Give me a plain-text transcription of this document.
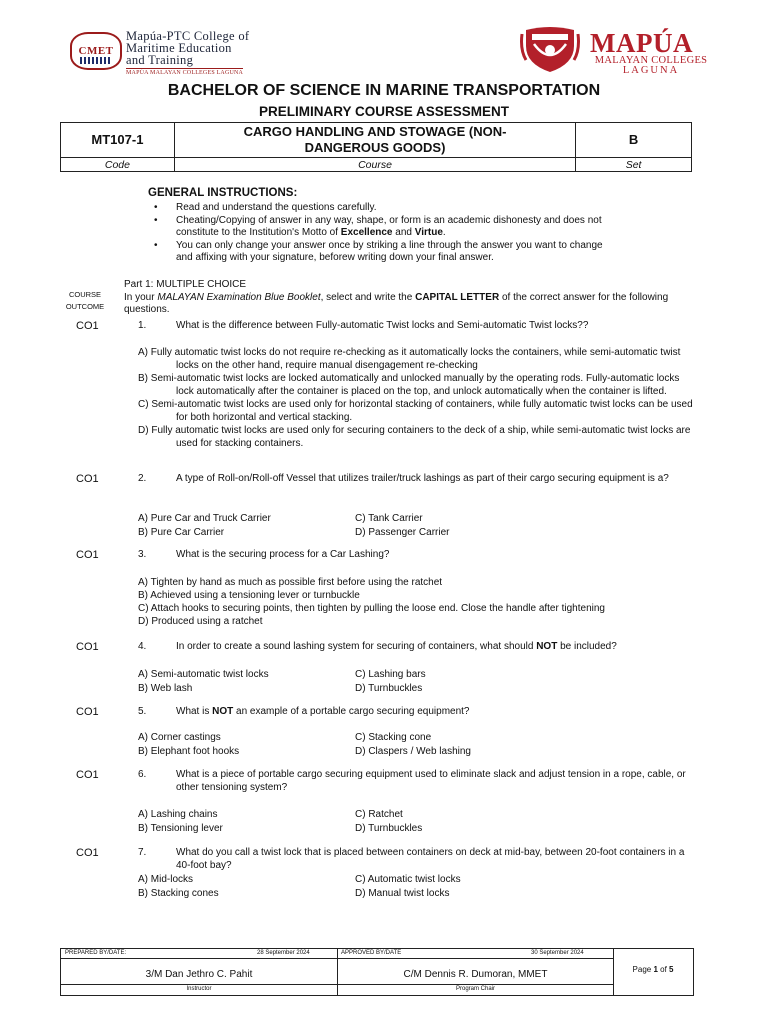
CMET
Mapúa-PTC College of
Maritime Education
and Training
MAPÚA MALAYAN COLLEGES LAGUNA
MAPÚA
MALAYAN COLLEGES
LAGUNA
BACHELOR OF SCIENCE IN MARINE TRANSPORTATION
PRELIMINARY COURSE ASSESSMENT
MT107-1	CARGO HANDLING AND STOWAGE (NON-
DANGEROUS GOODS)	B
Code	Course	Set
GENERAL INSTRUCTIONS:
• Read and understand the questions carefully.
• Cheating/Copying of answer in any way, shape, or form is an academic dishonesty and does not constitute to the Institution's Motto of Excellence and Virtue.
• You can only change your answer once by striking a line through the answer you want to change and affixing with your signature, beforew writing down your final answer.
COURSE
OUTCOME
Part 1: MULTIPLE CHOICE
In your MALAYAN Examination Blue Booklet, select and write the CAPITAL LETTER of the correct answer for the following questions.
CO1	1.	What is the difference between Fully-automatic Twist locks and Semi-automatic Twist locks??
A) Fully automatic twist locks do not require re-checking as it automatically locks the containers, while semi-automatic twist locks on the other hand, require manual disengagement re-checking
B) Semi-automatic twist locks are locked automatically and unlocked manually by the operating rods. Fully-automatic locks lock automatically after the container is placed on the top, and unlock automatically when the container is lifted.
C) Semi-automatic twist locks are used only for horizontal stacking of containers, while fully automatic twist locks can be used for both horizontal and vertical stacking.
D) Fully automatic twist locks are used only for securing containers to the deck of a ship, while semi-automatic twist locks are used for stacking containers.
CO1	2.	A type of Roll-on/Roll-off Vessel that utilizes trailer/truck lashings as part of their cargo securing equipment is a?
A) Pure Car and Truck Carrier	C) Tank Carrier
B) Pure Car Carrier	D) Passenger Carrier
CO1	3.	What is the securing process for a Car Lashing?
A) Tighten by hand as much as possible first before using the ratchet
B) Achieved using a tensioning lever or turnbuckle
C) Attach hooks to securing points, then tighten by pulling the loose end. Close the handle after tightening
D) Produced using a ratchet
CO1	4.	In order to create a sound lashing system for securing of containers, what should NOT be included?
A) Semi-automatic twist locks	C) Lashing bars
B) Web lash	D) Turnbuckles
CO1	5.	What is NOT an example of a portable cargo securing equipment?
A) Corner castings	C) Stacking cone
B) Elephant foot hooks	D) Claspers / Web lashing
CO1	6.	What is a piece of portable cargo securing equipment used to eliminate slack and adjust tension in a rope, cable, or other tensioning system?
A) Lashing chains	C) Ratchet
B) Tensioning lever	D) Turnbuckles
CO1	7.	What do you call a twist lock that is placed between containers on deck at mid-bay, between 20-foot containers in a 40-foot bay?
A) Mid-locks	C) Automatic twist locks
B) Stacking cones	D) Manual twist locks
PREPARED BY/DATE:	28 September 2024	APPROVED BY/DATE	30 September 2024
3/M Dan Jethro C. Pahit
Instructor
C/M Dennis R. Dumoran, MMET
Program Chair
Page 1 of 5
